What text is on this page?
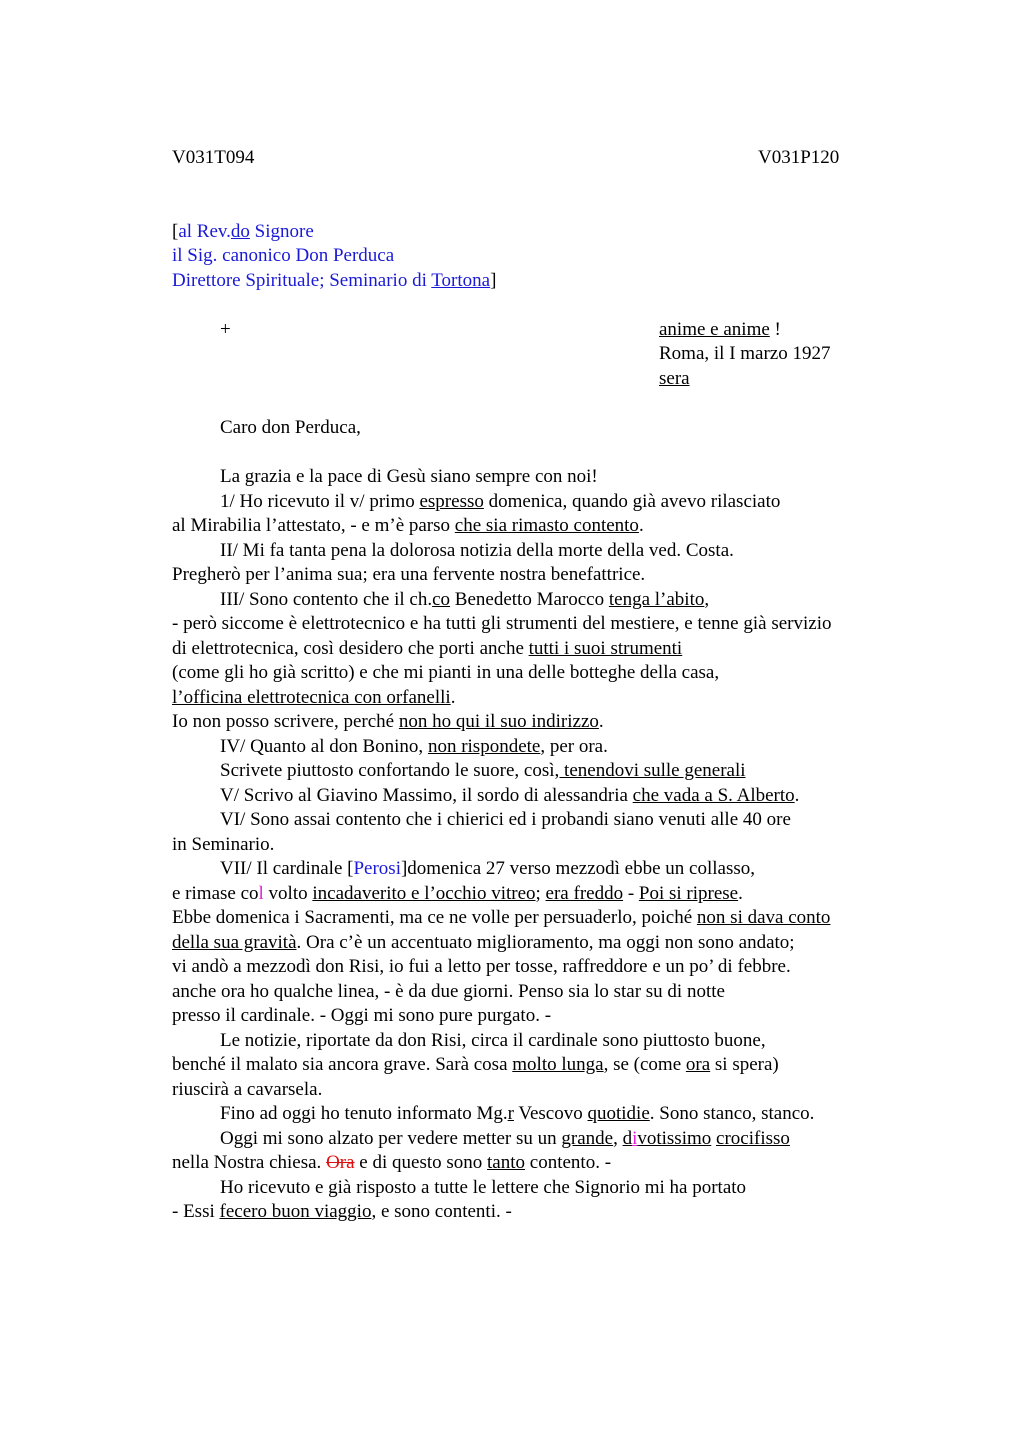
V031T094	V031P120
[al Rev.do Signore
il Sig. canonico Don Perduca
Direttore Spirituale; Seminario di Tortona]
+	anime e anime !
Roma, il I marzo 1927
sera
Caro don Perduca,
La grazia e la pace di Gesù siano sempre con noi!
1/ Ho ricevuto il v/ primo espresso domenica, quando già avevo rilasciato
al Mirabilia l’attestato, - e m’è parso che sia rimasto contento.
II/ Mi fa tanta pena la dolorosa notizia della morte della ved. Costa.
Pregherò per l’anima sua; era una fervente nostra benefattrice.
III/ Sono contento che il ch.co Benedetto Marocco tenga l’abito,
- però siccome è elettrotecnico e ha tutti gli strumenti del mestiere, e tenne già servizio
di elettrotecnica, così desidero che porti anche tutti i suoi strumenti
(come gli ho già scritto) e che mi pianti in una delle botteghe della casa,
l’officina elettrotecnica con orfanelli.
Io non posso scrivere, perché non ho qui il suo indirizzo.
IV/ Quanto al don Bonino, non rispondete, per ora.
Scrivete piuttosto confortando le suore, così, tenendovi sulle generali
V/ Scrivo al Giavino Massimo, il sordo di alessandria che vada a S. Alberto.
VI/ Sono assai contento che i chierici ed i probandi siano venuti alle 40 ore
in Seminario.
VII/ Il cardinale [Perosi]domenica 27 verso mezzodì ebbe un collasso,
e rimase col volto incadaverito e l’occhio vitreo; era freddo - Poi si riprese.
Ebbe domenica i Sacramenti, ma ce ne volle per persuaderlo, poiché non si dava conto
della sua gravità. Ora c’è un accentuato miglioramento, ma oggi non sono andato;
vi andò a mezzodì don Risi, io fui a letto per tosse, raffreddore e un po’ di febbre.
anche ora ho qualche linea, - è da due giorni. Penso sia lo star su di notte
presso il cardinale. - Oggi mi sono pure purgato. -
Le notizie, riportate da don Risi, circa il cardinale sono piuttosto buone,
benché il malato sia ancora grave. Sarà cosa molto lunga, se (come ora si spera)
riuscirà a cavarsela.
Fino ad oggi ho tenuto informato Mg.r Vescovo quotidie. Sono stanco, stanco.
Oggi mi sono alzato per vedere metter su un grande, divotissimo crocifisso
nella Nostra chiesa. Ora e di questo sono tanto contento. -
Ho ricevuto e già risposto a tutte le lettere che Signorio mi ha portato
- Essi fecero buon viaggio, e sono contenti. -
